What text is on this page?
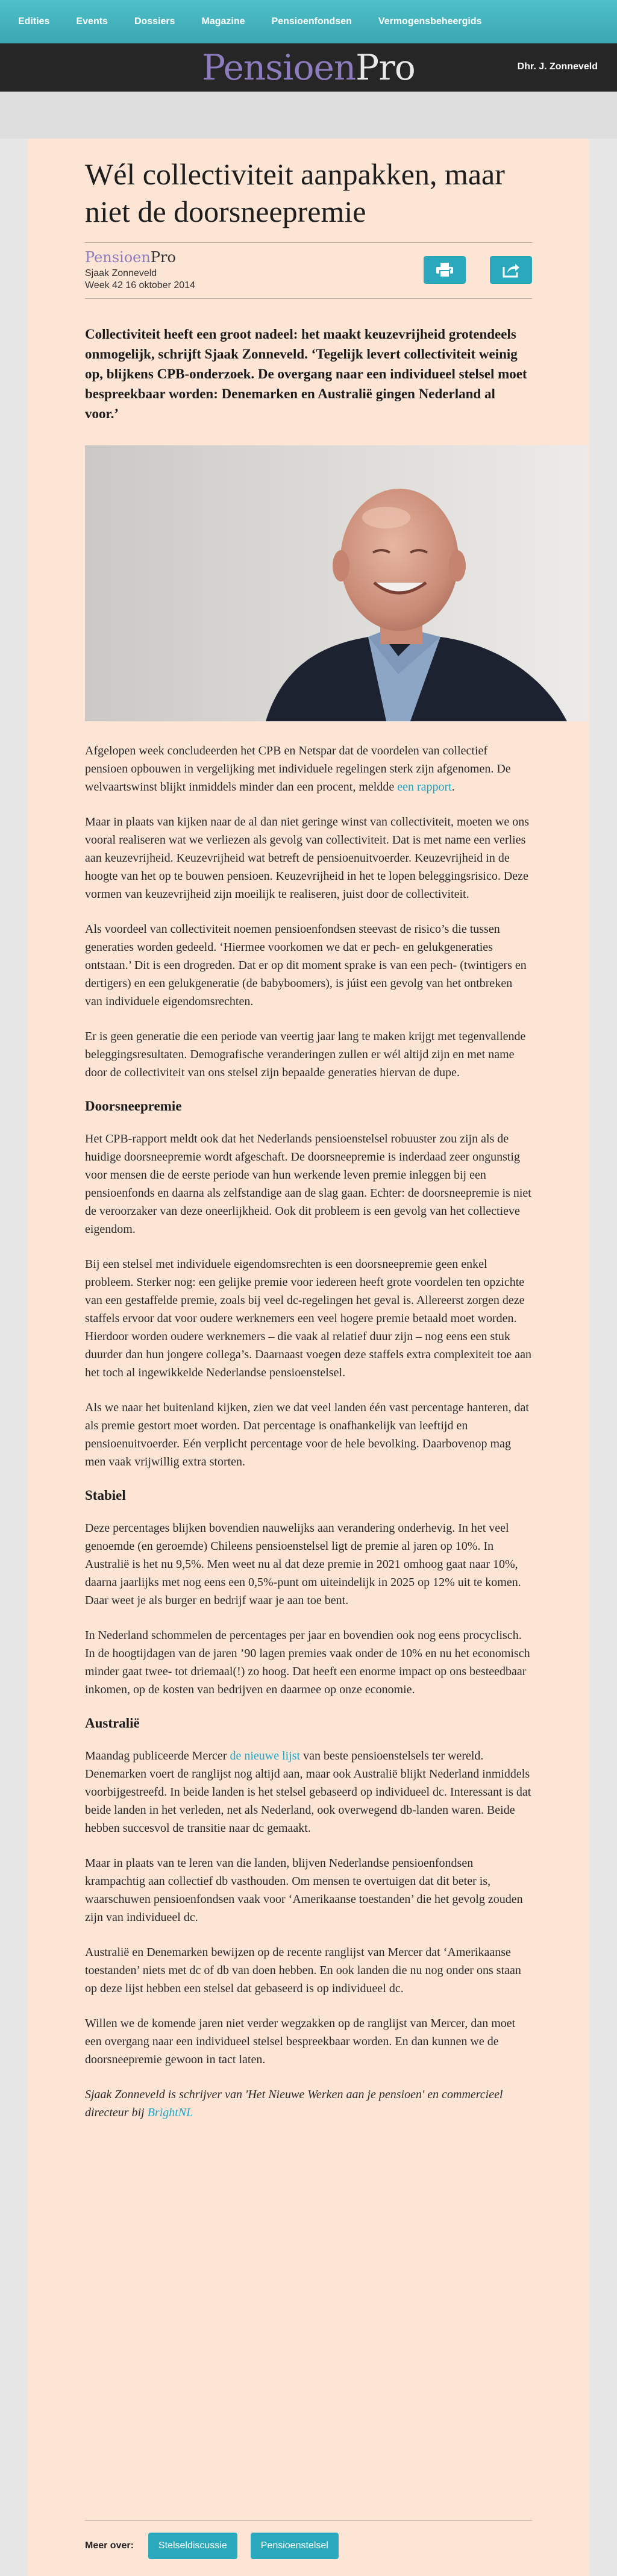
Edities	Events	Dossiers	Magazine	Pensioenfondsen	Vermogensbeheergids
PensioenPro	Dhr. J. Zonneveld
Wél collectiviteit aanpakken, maar niet de doorsneepremie
PensioenPro
Sjaak Zonneveld
Week 42 16 oktober 2014
Collectiviteit heeft een groot nadeel: het maakt keuzevrijheid grotendeels onmogelijk, schrijft Sjaak Zonneveld. ‘Tegelijk levert collectiviteit weinig op, blijkens CPB-onderzoek. De overgang naar een individueel stelsel moet bespreekbaar worden: Denemarken en Australië gingen Nederland al voor.’

Afgelopen week concludeerden het CPB en Netspar dat de voordelen van collectief pensioen opbouwen in vergelijking met individuele regelingen sterk zijn afgenomen. De welvaartswinst blijkt inmiddels minder dan een procent, meldde een rapport.

Maar in plaats van kijken naar de al dan niet geringe winst van collectiviteit, moeten we ons vooral realiseren wat we verliezen als gevolg van collectiviteit. Dat is met name een verlies aan keuzevrijheid. Keuzevrijheid wat betreft de pensioenuitvoerder. Keuzevrijheid in de hoogte van het op te bouwen pensioen. Keuzevrijheid in het te lopen beleggingsrisico. Deze vormen van keuzevrijheid zijn moeilijk te realiseren, juist door de collectiviteit.

Als voordeel van collectiviteit noemen pensioenfondsen steevast de risico’s die tussen generaties worden gedeeld. ‘Hiermee voorkomen we dat er pech- en gelukgeneraties ontstaan.’ Dit is een drogreden. Dat er op dit moment sprake is van een pech- (twintigers en dertigers) en een gelukgeneratie (de babyboomers), is júist een gevolg van het ontbreken van individuele eigendomsrechten.

Er is geen generatie die een periode van veertig jaar lang te maken krijgt met tegenvallende beleggingsresultaten. Demografische veranderingen zullen er wél altijd zijn en met name door de collectiviteit van ons stelsel zijn bepaalde generaties hiervan de dupe.

Doorsneepremie

Het CPB-rapport meldt ook dat het Nederlands pensioenstelsel robuuster zou zijn als de huidige doorsneepremie wordt afgeschaft. De doorsneepremie is inderdaad zeer ongunstig voor mensen die de eerste periode van hun werkende leven premie inleggen bij een pensioenfonds en daarna als zelfstandige aan de slag gaan. Echter: de doorsneepremie is niet de veroorzaker van deze oneerlijkheid. Ook dit probleem is een gevolg van het collectieve eigendom.

Bij een stelsel met individuele eigendomsrechten is een doorsneepremie geen enkel probleem. Sterker nog: een gelijke premie voor iedereen heeft grote voordelen ten opzichte van een gestaffelde premie, zoals bij veel dc-regelingen het geval is. Allereerst zorgen deze staffels ervoor dat voor oudere werknemers een veel hogere premie betaald moet worden. Hierdoor worden oudere werknemers – die vaak al relatief duur zijn – nog eens een stuk duurder dan hun jongere collega’s. Daarnaast voegen deze staffels extra complexiteit toe aan het toch al ingewikkelde Nederlandse pensioenstelsel.

Als we naar het buitenland kijken, zien we dat veel landen één vast percentage hanteren, dat als premie gestort moet worden. Dat percentage is onafhankelijk van leeftijd en pensioenuitvoerder. Eén verplicht percentage voor de hele bevolking. Daarbovenop mag men vaak vrijwillig extra storten.

Stabiel

Deze percentages blijken bovendien nauwelijks aan verandering onderhevig. In het veel genoemde (en geroemde) Chileens pensioenstelsel ligt de premie al jaren op 10%. In Australië is het nu 9,5%. Men weet nu al dat deze premie in 2021 omhoog gaat naar 10%, daarna jaarlijks met nog eens een 0,5%-punt om uiteindelijk in 2025 op 12% uit te komen. Daar weet je als burger en bedrijf waar je aan toe bent.

In Nederland schommelen de percentages per jaar en bovendien ook nog eens procyclisch. In de hoogtijdagen van de jaren ’90 lagen premies vaak onder de 10% en nu het economisch minder gaat twee- tot driemaal(!) zo hoog. Dat heeft een enorme impact op ons besteedbaar inkomen, op de kosten van bedrijven en daarmee op onze economie.

Australië

Maandag publiceerde Mercer de nieuwe lijst van beste pensioenstelsels ter wereld. Denemarken voert de ranglijst nog altijd aan, maar ook Australië blijkt Nederland inmiddels voorbijgestreefd. In beide landen is het stelsel gebaseerd op individueel dc. Interessant is dat beide landen in het verleden, net als Nederland, ook overwegend db-landen waren. Beide hebben succesvol de transitie naar dc gemaakt.

Maar in plaats van te leren van die landen, blijven Nederlandse pensioenfondsen krampachtig aan collectief db vasthouden. Om mensen te overtuigen dat dit beter is, waarschuwen pensioenfondsen vaak voor ‘Amerikaanse toestanden’ die het gevolg zouden zijn van individueel dc.

Australië en Denemarken bewijzen op de recente ranglijst van Mercer dat ‘Amerikaanse toestanden’ niets met dc of db van doen hebben. En ook landen die nu nog onder ons staan op deze lijst hebben een stelsel dat gebaseerd is op individueel dc.

Willen we de komende jaren niet verder wegzakken op de ranglijst van Mercer, dan moet een overgang naar een individueel stelsel bespreekbaar worden. En dan kunnen we de doorsneepremie gewoon in tact laten.

Sjaak Zonneveld is schrijver van 'Het Nieuwe Werken aan je pensioen' en commercieel directeur bij BrightNL

Meer over:	Stelseldiscussie	Pensioenstelsel
